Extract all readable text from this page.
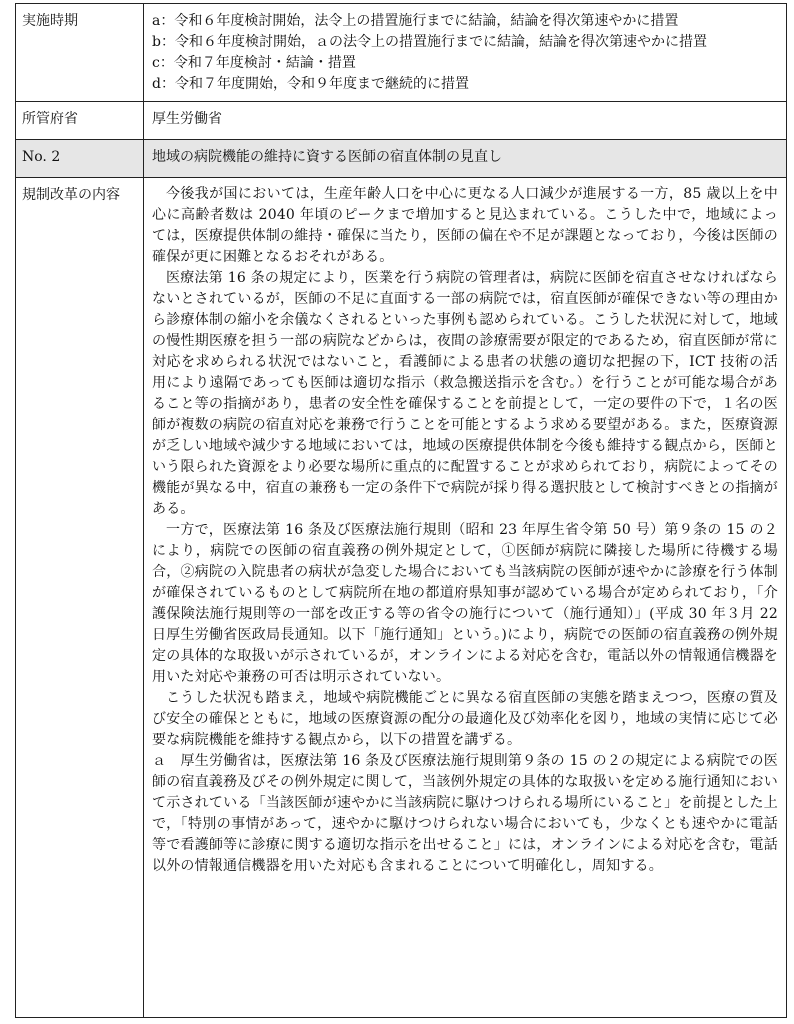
実施時期	a：令和６年度検討開始，法令上の措置施行までに結論，結論を得次第速やかに措置
b：令和６年度検討開始，ａの法令上の措置施行までに結論，結論を得次第速やかに措置
c：令和７年度検討・結論・措置
d：令和７年度開始，令和９年度まで継続的に措置

所管府省	厚生労働省
No. 2	地域の病院機能の維持に資する医師の宿直体制の見直し
規制改革の内容	今後我が国においては，生産年齢人口を中心に更なる人口減少が進展する一方，85 歳以上を中心に高齢者数は 2040 年頃のピークまで増加すると見込まれている。こうした中で，地域によっては，医療提供体制の維持・確保に当たり，医師の偏在や不足が課題となっており，今後は医師の確保が更に困難となるおそれがある。

医療法第 16 条の規定により，医業を行う病院の管理者は，病院に医師を宿直させなければならないとされているが，医師の不足に直面する一部の病院では，宿直医師が確保できない等の理由から診療体制の縮小を余儀なくされるといった事例も認められている。こうした状況に対して，地域の慢性期医療を担う一部の病院などからは，夜間の診療需要が限定的であるため，宿直医師が常に対応を求められる状況ではないこと，看護師による患者の状態の適切な把握の下，ICT 技術の活用により遠隔であっても医師は適切な指示（救急搬送指示を含む。）を行うことが可能な場合があること等の指摘があり，患者の安全性を確保することを前提として，一定の要件の下で，１名の医師が複数の病院の宿直対応を兼務で行うことを可能とするよう求める要望がある。また，医療資源が乏しい地域や減少する地域においては，地域の医療提供体制を今後も維持する観点から，医師という限られた資源をより必要な場所に重点的に配置することが求められており，病院によってその機能が異なる中，宿直の兼務も一定の条件下で病院が採り得る選択肢として検討すべきとの指摘がある。

一方で，医療法第 16 条及び医療法施行規則（昭和 23 年厚生省令第 50 号）第９条の 15 の２により，病院での医師の宿直義務の例外規定として，①医師が病院に隣接した場所に待機する場合，②病院の入院患者の病状が急変した場合においても当該病院の医師が速やかに診療を行う体制が確保されているものとして病院所在地の都道府県知事が認めている場合が定められており，「介護保険法施行規則等の一部を改正する等の省令の施行について（施行通知）」(平成 30 年３月 22 日厚生労働省医政局長通知。以下「施行通知」という。)により，病院での医師の宿直義務の例外規定の具体的な取扱いが示されているが，オンラインによる対応を含む，電話以外の情報通信機器を用いた対応や兼務の可否は明示されていない。

こうした状況も踏まえ，地域や病院機能ごとに異なる宿直医師の実態を踏まえつつ，医療の質及び安全の確保とともに，地域の医療資源の配分の最適化及び効率化を図り，地域の実情に応じて必要な病院機能を維持する観点から，以下の措置を講ずる。

ａ　厚生労働省は，医療法第 16 条及び医療法施行規則第９条の 15 の２の規定による病院での医師の宿直義務及びその例外規定に関して，当該例外規定の具体的な取扱いを定める施行通知において示されている「当該医師が速やかに当該病院に駆けつけられる場所にいること」を前提とした上で，「特別の事情があって，速やかに駆けつけられない場合においても，少なくとも速やかに電話等で看護師等に診療に関する適切な指示を出せること」には，オンラインによる対応を含む，電話以外の情報通信機器を用いた対応も含まれることについて明確化し，周知する。
